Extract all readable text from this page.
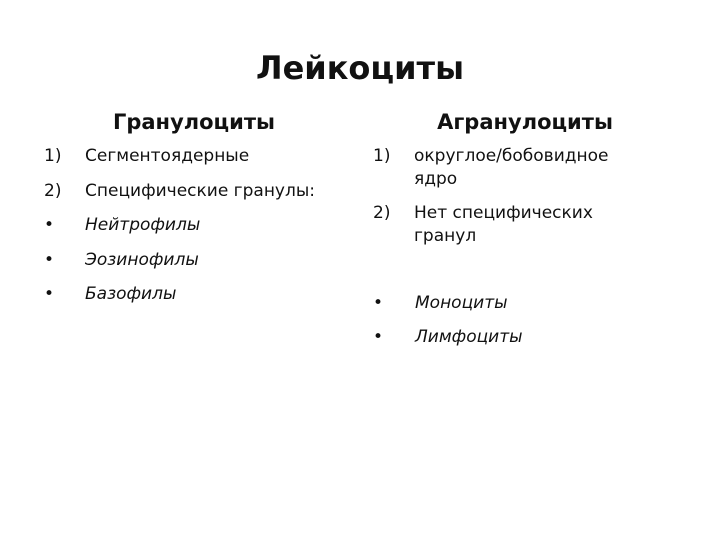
Лейкоциты
Гранулоциты	Агранулоциты
1)	Сегментоядерные
2)	Специфические гранулы:
•	Нейтрофилы
•	Эозинофилы
•	Базофилы
1)	округлое/бобовидное ядро
2)	Нет специфических гранул
•	Моноциты
•	Лимфоциты
